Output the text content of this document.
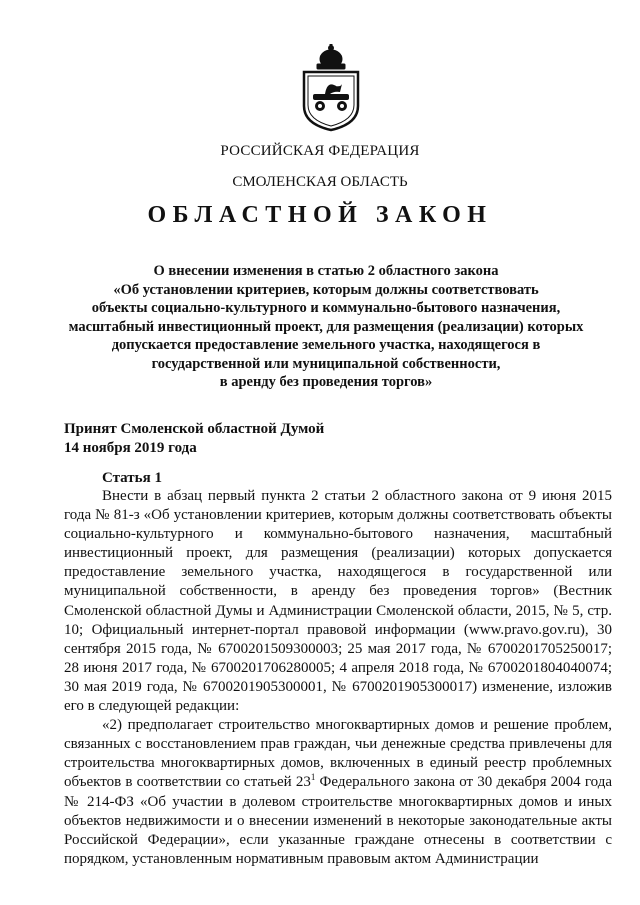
РОССИЙСКАЯ ФЕДЕРАЦИЯ
СМОЛЕНСКАЯ ОБЛАСТЬ
ОБЛАСТНОЙ ЗАКОН
О внесении изменения в статью 2 областного закона
«Об установлении критериев, которым должны соответствовать
объекты социально-культурного и коммунально-бытового назначения,
масштабный инвестиционный проект, для размещения (реализации) которых
допускается предоставление земельного участка, находящегося в
государственной или муниципальной собственности,
в аренду без проведения торгов»
Принят Смоленской областной Думой
14 ноября 2019 года
Статья 1

Внести в абзац первый пункта 2 статьи 2 областного закона от 9 июня 2015 года № 81-з «Об установлении критериев, которым должны соответствовать объекты социально-культурного и коммунально-бытового назначения, масштабный инвестиционный проект, для размещения (реализации) которых допускается предоставление земельного участка, находящегося в государственной или муниципальной собственности, в аренду без проведения торгов» (Вестник Смоленской областной Думы и Администрации Смоленской области, 2015, № 5, стр. 10; Официальный интернет-портал правовой информации (www.pravo.gov.ru), 30 сентября 2015 года, № 6700201509300003; 25 мая 2017 года, № 6700201705250017; 28 июня 2017 года, № 6700201706280005; 4 апреля 2018 года, № 6700201804040074; 30 мая 2019 года, № 6700201905300001, № 6700201905300017) изменение, изложив его в следующей редакции:

«2) предполагает строительство многоквартирных домов и решение проблем, связанных с восстановлением прав граждан, чьи денежные средства привлечены для строительства многоквартирных домов, включенных в единый реестр проблемных объектов в соответствии со статьей $23^1$ Федерального закона от 30 декабря 2004 года № 214-ФЗ «Об участии в долевом строительстве многоквартирных домов и иных объектов недвижимости и о внесении изменений в некоторые законодательные акты Российской Федерации», если указанные граждане отнесены в соответствии с порядком, установленным нормативным правовым актом Администрации
